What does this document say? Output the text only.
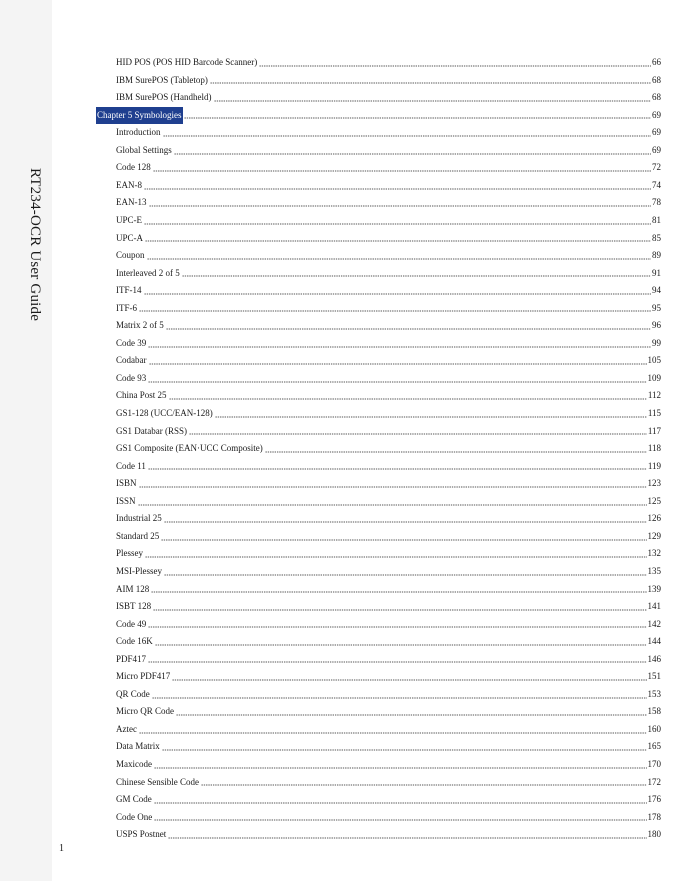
RT234-OCR User Guide
HID POS (POS HID Barcode Scanner)	66
IBM SurePOS (Tabletop)	68
IBM SurePOS (Handheld)	68
Chapter 5 Symbologies	69
Introduction	69
Global Settings	69
Code 128	72
EAN-8	74
EAN-13	78
UPC-E	81
UPC-A	85
Coupon	89
Interleaved 2 of 5	91
ITF-14	94
ITF-6	95
Matrix 2 of 5	96
Code 39	99
Codabar	105
Code 93	109
China Post 25	112
GS1-128 (UCC/EAN-128)	115
GS1 Databar (RSS)	117
GS1 Composite (EAN·UCC Composite)	118
Code 11	119
ISBN	123
ISSN	125
Industrial 25	126
Standard 25	129
Plessey	132
MSI-Plessey	135
AIM 128	139
ISBT 128	141
Code 49	142
Code 16K	144
PDF417	146
Micro PDF417	151
QR Code	153
Micro QR Code	158
Aztec	160
Data Matrix	165
Maxicode	170
Chinese Sensible Code	172
GM Code	176
Code One	178
USPS Postnet	180
1
